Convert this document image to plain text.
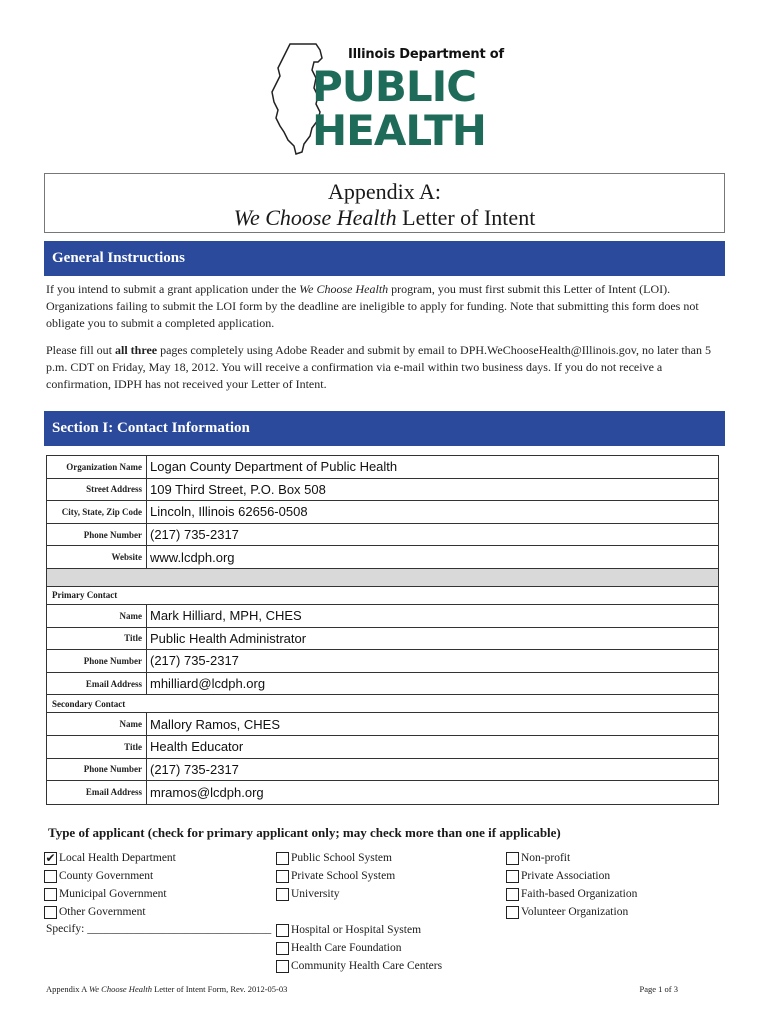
Illinois Department of
PUBLIC
HEALTH
Appendix A:
We Choose Health Letter of Intent
General Instructions
If you intend to submit a grant application under the We Choose Health program, you must first submit this Letter of Intent (LOI). Organizations failing to submit the LOI form by the deadline are ineligible to apply for funding. Note that submitting this form does not obligate you to submit a completed application.
Please fill out all three pages completely using Adobe Reader and submit by email to DPH.WeChooseHealth@Illinois.gov, no later than 5 p.m. CDT on Friday, May 18, 2012. You will receive a confirmation via e-mail within two business days. If you do not receive a confirmation, IDPH has not received your Letter of Intent.
Section I: Contact Information
Organization Name Logan County Department of Public Health
Street Address 109 Third Street, P.O. Box 508
City, State, Zip Code Lincoln, Illinois 62656-0508
Phone Number (217) 735-2317
Website www.lcdph.org
Primary Contact
Name Mark Hilliard, MPH, CHES
Title Public Health Administrator
Phone Number (217) 735-2317
Email Address mhilliard@lcdph.org
Secondary Contact
Name Mallory Ramos, CHES
Title Health Educator
Phone Number (217) 735-2317
Email Address mramos@lcdph.org
Type of applicant (check for primary applicant only; may check more than one if applicable)
✔ Local Health Department
County Government
Municipal Government
Other Government
Specify: ________________________________
Public School System
Private School System
University
Hospital or Hospital System
Health Care Foundation
Community Health Care Centers
Non-profit
Private Association
Faith-based Organization
Volunteer Organization
Appendix A We Choose Health Letter of Intent Form, Rev. 2012-05-03	Page 1 of 3
